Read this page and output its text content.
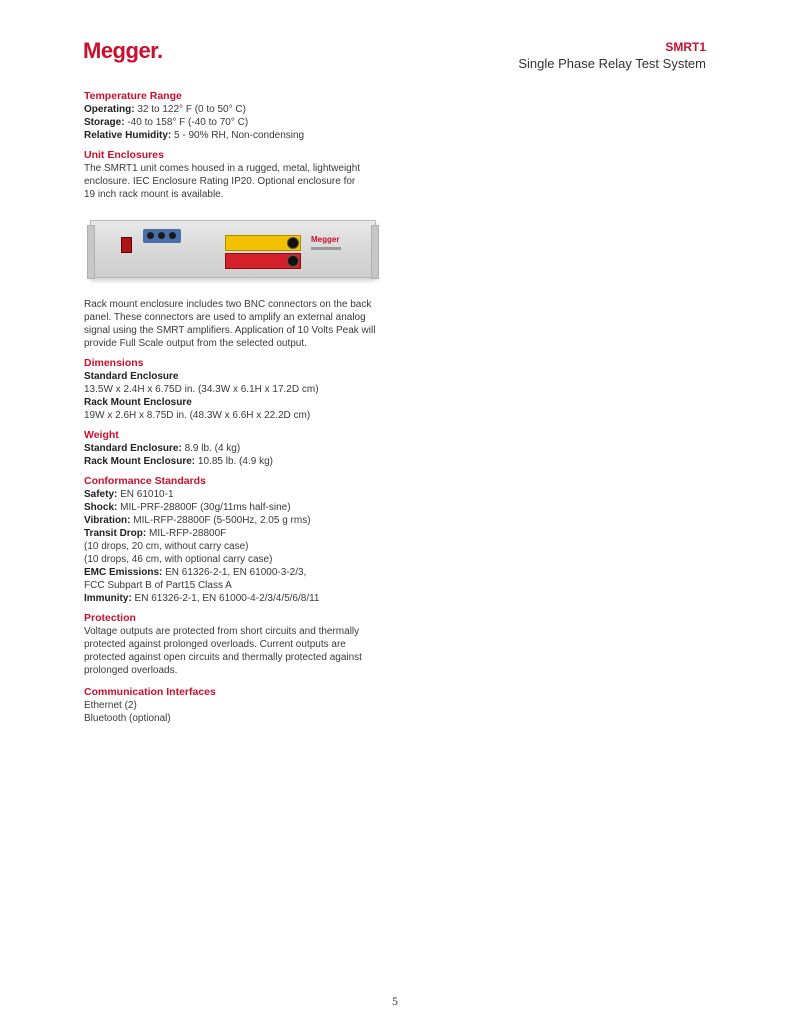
Megger.	SMRT1
Single Phase Relay Test System
Temperature Range
Operating: 32 to 122° F (0 to 50° C)
Storage: -40 to 158° F (-40 to 70° C)
Relative Humidity: 5 - 90% RH, Non-condensing
Unit Enclosures
The SMRT1 unit comes housed in a rugged, metal, lightweight
enclosure. IEC Enclosure Rating IP20. Optional enclosure for
19 inch rack mount is available.
Megger
Rack mount enclosure includes two BNC connectors on the back
panel. These connectors are used to amplify an external analog
signal using the SMRT amplifiers. Application of 10 Volts Peak will
provide Full Scale output from the selected output.
Dimensions
Standard Enclosure
13.5W x 2.4H x 6.75D in. (34.3W x 6.1H x 17.2D cm)
Rack Mount Enclosure
19W x 2.6H x 8.75D in. (48.3W x 6.6H x 22.2D cm)
Weight
Standard Enclosure: 8.9 lb. (4 kg)
Rack Mount Enclosure: 10.85 lb. (4.9 kg)
Conformance Standards
Safety: EN 61010-1
Shock: MIL-PRF-28800F (30g/11ms half-sine)
Vibration: MIL-RFP-28800F (5-500Hz, 2.05 g rms)
Transit Drop: MIL-RFP-28800F
(10 drops, 20 cm, without carry case)
(10 drops, 46 cm, with optional carry case)
EMC Emissions: EN 61326-2-1, EN 61000-3-2/3,
FCC Subpart B of Part15 Class A
Immunity: EN 61326-2-1, EN 61000-4-2/3/4/5/6/8/11
Protection
Voltage outputs are protected from short circuits and thermally
protected against prolonged overloads. Current outputs are
protected against open circuits and thermally protected against
prolonged overloads.
Communication Interfaces
Ethernet (2)
Bluetooth (optional)
5
